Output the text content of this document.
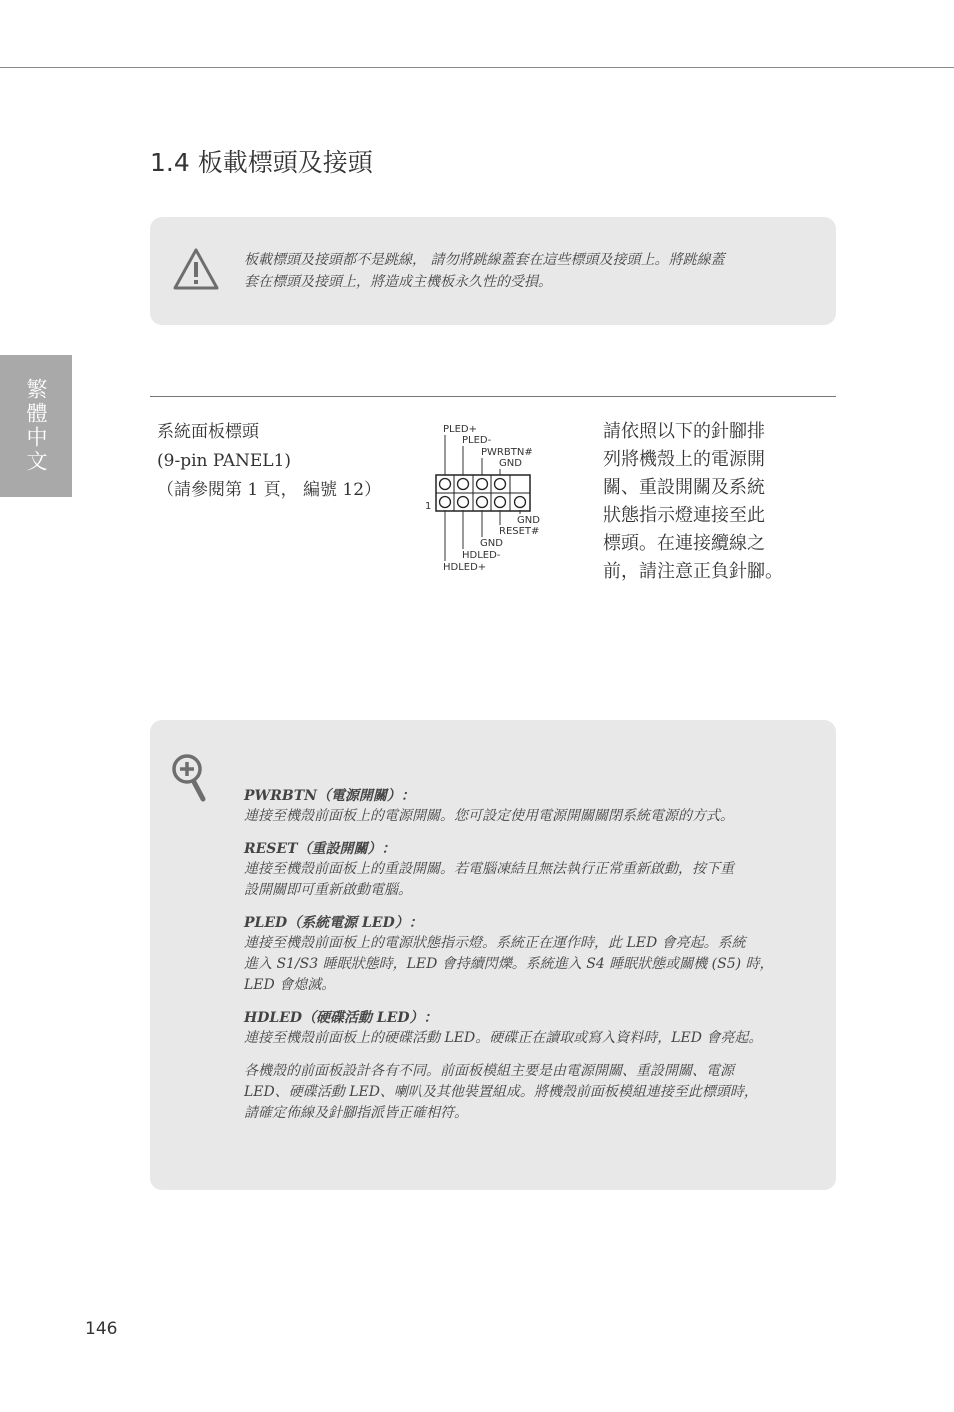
繁體中文
1.4 板載標頭及接頭

板載標頭及接頭都不是跳線， 請勿將跳線蓋套在這些標頭及接頭上。將跳線蓋
套在標頭及接頭上，將造成主機板永久性的受損。

系統面板標頭
(9-pin PANEL1)
（請參閱第 1 頁， 編號 12）
PLED+
PLED-
PWRBTN#
GND
1
GND
RESET#
GND
HDLED-
HDLED+
請依照以下的針腳排
列將機殼上的電源開
關、重設開關及系統
狀態指示燈連接至此
標頭。在連接纜線之
前，請注意正負針腳。
PWRBTN（電源開關）：

連接至機殼前面板上的電源開關。您可設定使用電源開關關閉系統電源的方式。

RESET（重設開關）：

連接至機殼前面板上的重設開關。若電腦凍結且無法執行正常重新啟動，按下重
設開關即可重新啟動電腦。

PLED（系統電源 LED）：

連接至機殼前面板上的電源狀態指示燈。系統正在運作時，此 LED 會亮起。系統
進入 S1/S3 睡眠狀態時，LED 會持續閃爍。系統進入 S4 睡眠狀態或關機 (S5) 時，
LED 會熄滅。

HDLED（硬碟活動 LED）：

連接至機殼前面板上的硬碟活動 LED。硬碟正在讀取或寫入資料時，LED 會亮起。

各機殼的前面板設計各有不同。前面板模組主要是由電源開關、重設開關、電源
LED、硬碟活動 LED、喇叭及其他裝置組成。將機殼前面板模組連接至此標頭時，
請確定佈線及針腳指派皆正確相符。

146
